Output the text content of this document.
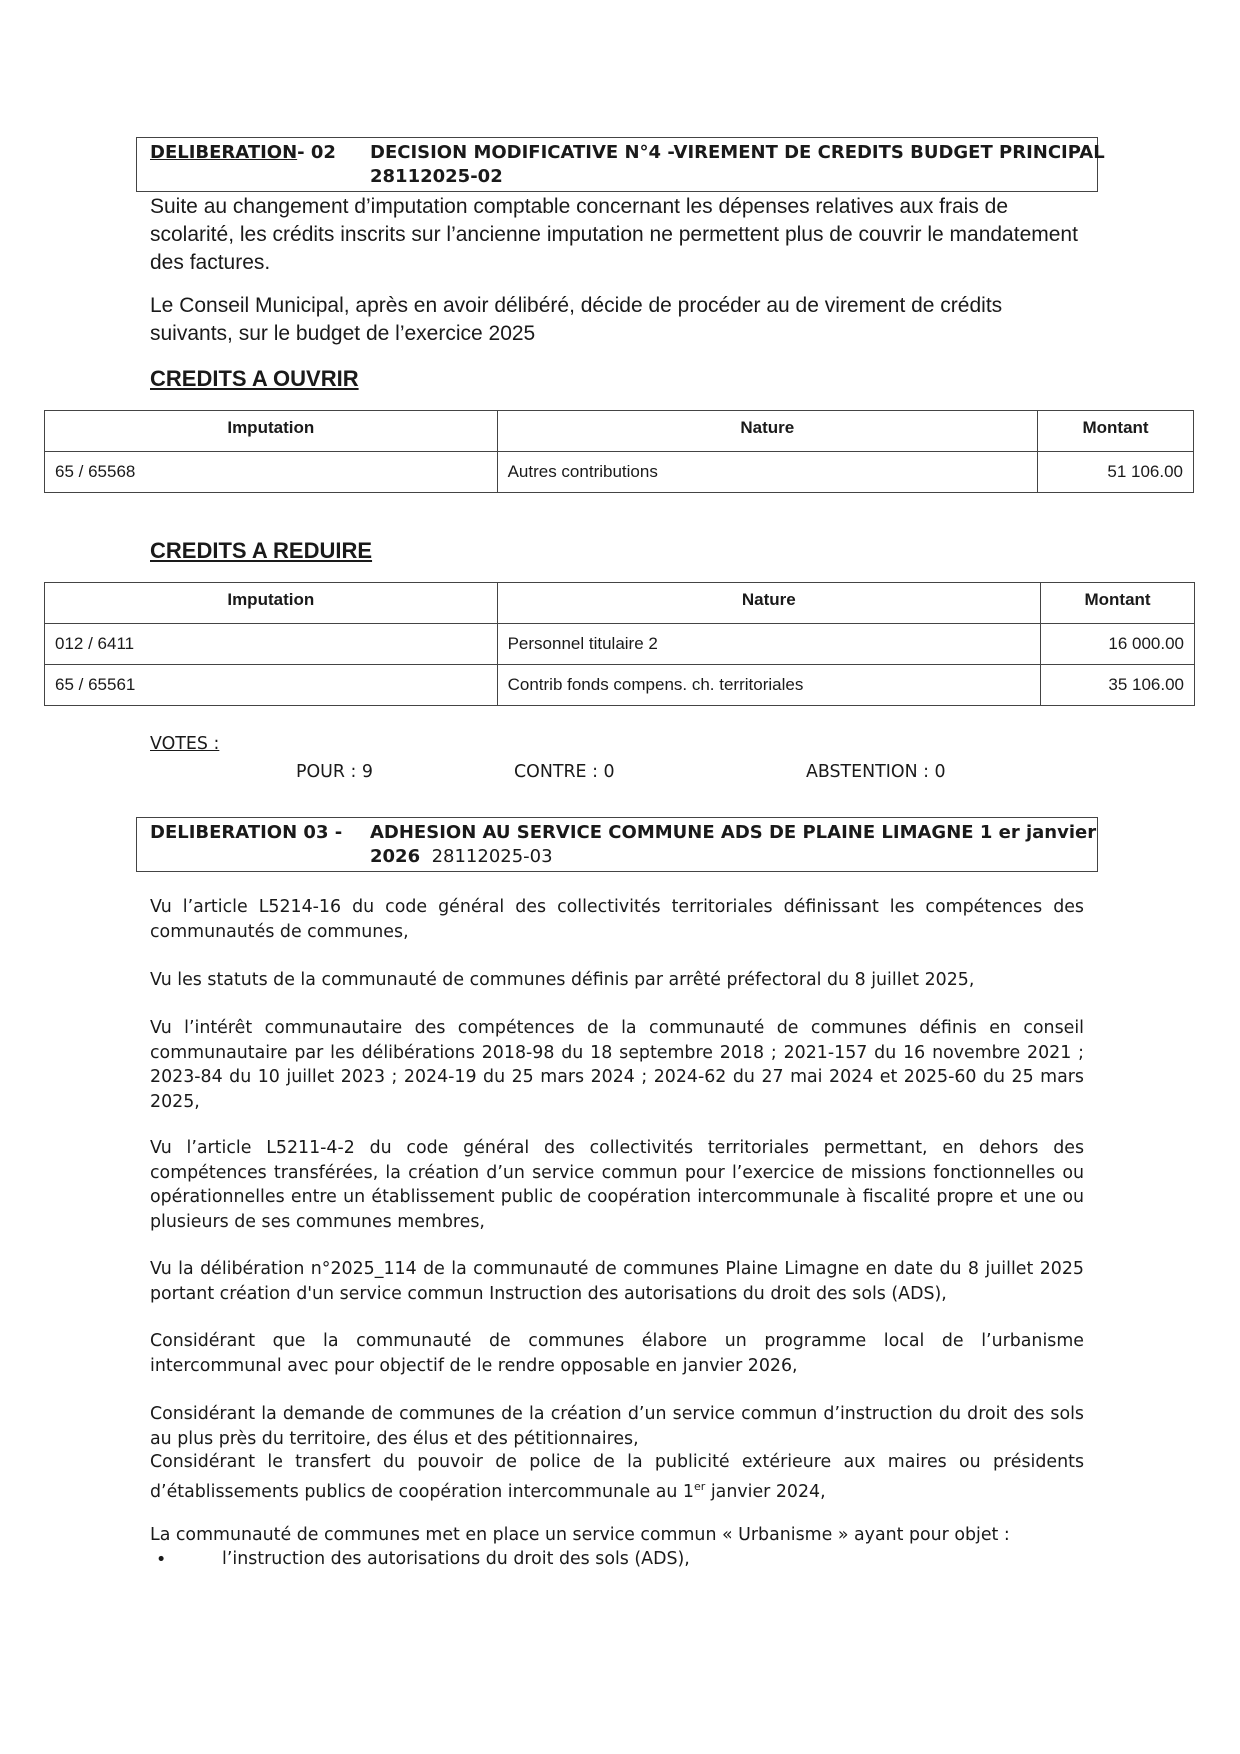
DELIBERATION- 02 DECISION MODIFICATIVE N°4 -VIREMENT DE CREDITS BUDGET PRINCIPAL
28112025-02
Suite au changement d’imputation comptable concernant les dépenses relatives aux frais de scolarité, les crédits inscrits sur l’ancienne imputation ne permettent plus de couvrir le mandatement des factures.
Le Conseil Municipal, après en avoir délibéré, décide de procéder au de virement de crédits suivants, sur le budget de l’exercice 2025
CREDITS A OUVRIR
Imputation	Nature	Montant
65 / 65568	Autres contributions	51 106.00
CREDITS A REDUIRE
Imputation	Nature	Montant
012 / 6411	Personnel titulaire 2	16 000.00
65 / 65561	Contrib fonds compens. ch. territoriales	35 106.00
VOTES :
POUR : 9	CONTRE : 0	ABSTENTION : 0
DELIBERATION 03 - ADHESION AU SERVICE COMMUNE ADS DE PLAINE LIMAGNE 1 er janvier
2026 28112025-03
Vu l’article L5214-16 du code général des collectivités territoriales définissant les compétences des communautés de communes,
Vu les statuts de la communauté de communes définis par arrêté préfectoral du 8 juillet 2025,
Vu l’intérêt communautaire des compétences de la communauté de communes définis en conseil communautaire par les délibérations 2018-98 du 18 septembre 2018 ; 2021-157 du 16 novembre 2021 ; 2023-84 du 10 juillet 2023 ; 2024-19 du 25 mars 2024 ; 2024-62 du 27 mai 2024 et 2025-60 du 25 mars 2025,
Vu l’article L5211-4-2 du code général des collectivités territoriales permettant, en dehors des compétences transférées, la création d’un service commun pour l’exercice de missions fonctionnelles ou opérationnelles entre un établissement public de coopération intercommunale à fiscalité propre et une ou plusieurs de ses communes membres,
Vu la délibération n°2025_114 de la communauté de communes Plaine Limagne en date du 8 juillet 2025 portant création d'un service commun Instruction des autorisations du droit des sols (ADS),
Considérant que la communauté de communes élabore un programme local de l’urbanisme intercommunal avec pour objectif de le rendre opposable en janvier 2026,
Considérant la demande de communes de la création d’un service commun d’instruction du droit des sols au plus près du territoire, des élus et des pétitionnaires,
Considérant le transfert du pouvoir de police de la publicité extérieure aux maires ou présidents d’établissements publics de coopération intercommunale au 1er janvier 2024,
La communauté de communes met en place un service commun « Urbanisme » ayant pour objet :
•	l’instruction des autorisations du droit des sols (ADS),
